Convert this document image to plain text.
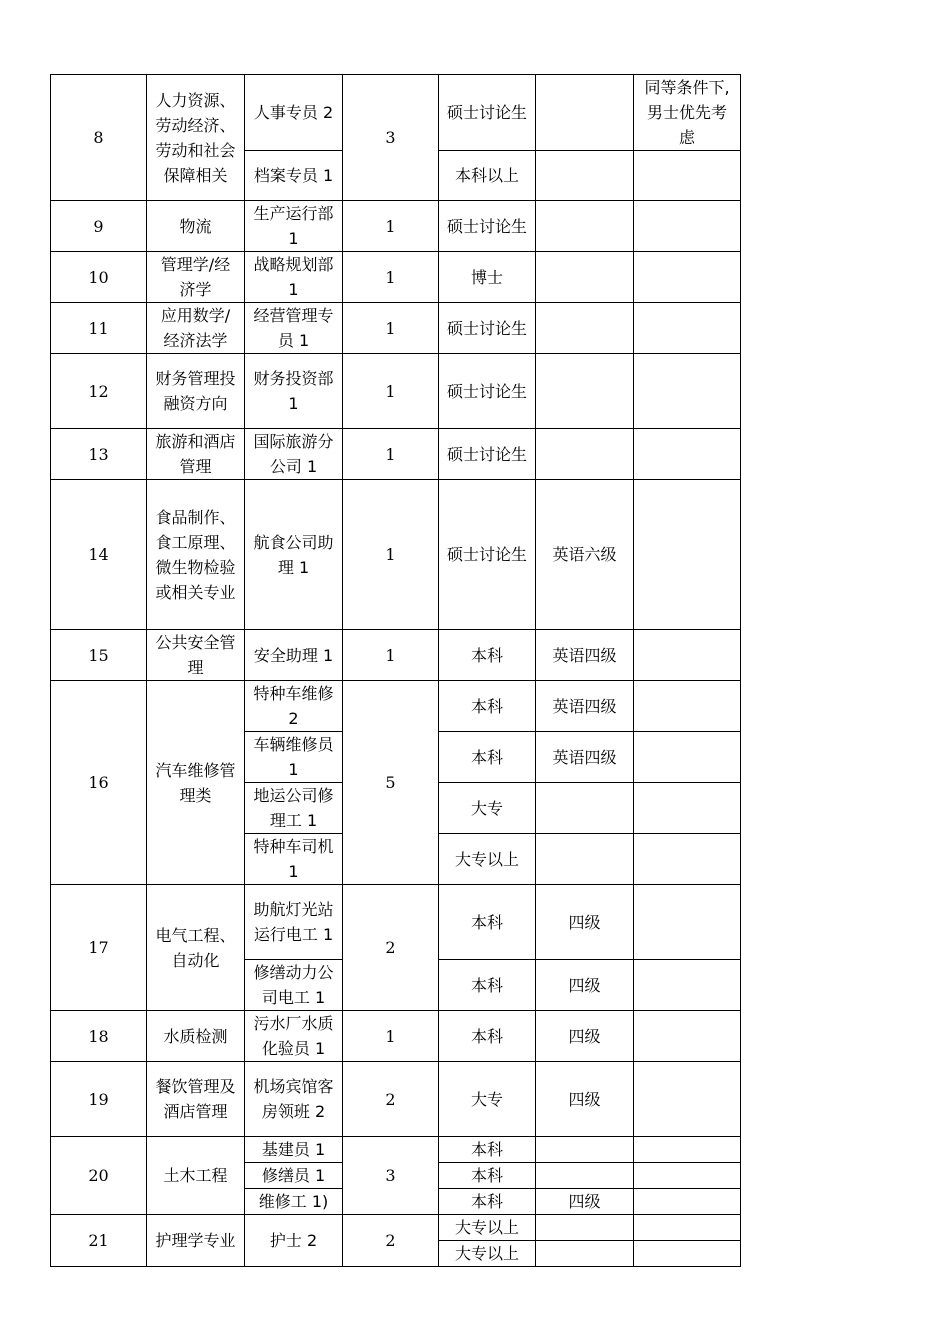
8	人力资源、劳动经济、劳动和社会保障相关	人事专员 2	3	硕士讨论生		同等条件下,男士优先考虑
		档案专员 1		本科以上		
9	物流	生产运行部 1	1	硕士讨论生		
10	管理学/经济学	战略规划部 1	1	博士		
11	应用数学/经济法学	经营管理专员 1	1	硕士讨论生		
12	财务管理投融资方向	财务投资部 1	1	硕士讨论生		
13	旅游和酒店管理	国际旅游分公司 1	1	硕士讨论生		
14	食品制作、食工原理、微生物检验或相关专业	航食公司助理 1	1	硕士讨论生	英语六级	
15	公共安全管理	安全助理 1	1	本科	英语四级	
16	汽车维修管理类	特种车维修 2	5	本科	英语四级	
		车辆维修员 1		本科	英语四级	
		地运公司修理工 1		大专		
		特种车司机 1		大专以上		
17	电气工程、自动化	助航灯光站运行电工 1	2	本科	四级	
		修缮动力公司电工 1		本科	四级	
18	水质检测	污水厂水质化验员 1	1	本科	四级	
19	餐饮管理及酒店管理	机场宾馆客房领班 2	2	大专	四级	
20	土木工程	基建员 1	3	本科		
		修缮员 1		本科		
		维修工 1)		本科	四级	
21	护理学专业	护士 2	2	大专以上		
				大专以上		
